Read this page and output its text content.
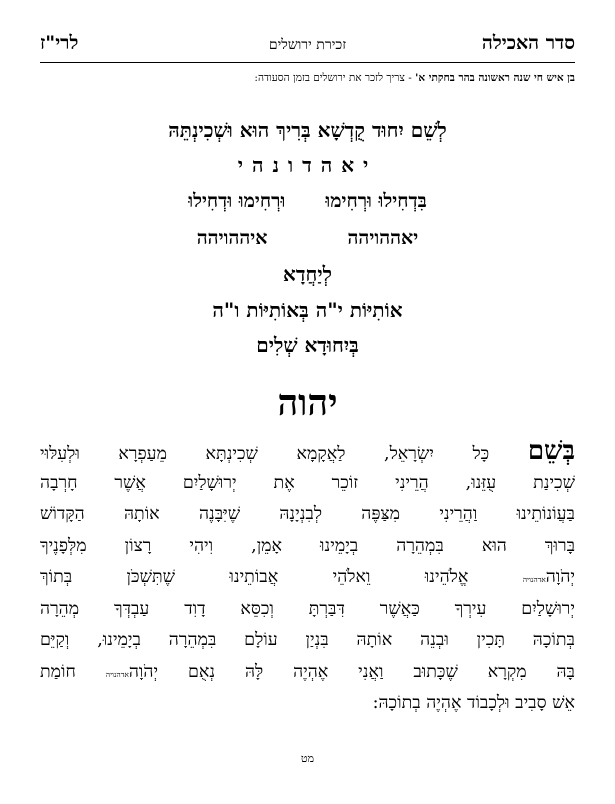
סדר האכילה
זכירת ירושלים
לרי"ז
בן איש חי שנה ראשונה בהר בחקתי א' - צריך לזכר את ירושלים בזמן הסעודה:
לְשֵׁם יִחוּד קֻדְשָׁא בְּרִיךְ הוּא וּשְׁכִינְתֵּהּ
יאהדונהי
בִּדְחִילוּ וּרְחִימוּוּרְחִימוּ וּדְחִילוּ
יאההויההאיההויהה
לְיַחֲדָא
אוֹתִיּוֹת י"ה בְּאוֹתִיּוֹת ו"ה
בְּיִחוּדָא שְׁלִים
יהוה
בְּשֵׁם כָּל יִשְׂרָאֵל, לַאֲקָמָא שְׁכִינְתָּא מֵעַפְרָא וּלְעִלּוּי
שְׁכִינַת עֻזֵּנוּ, הֲרֵינִי זוֹכֵר אֶת יְרוּשָׁלַיִם אֲשֶׁר חָרְבָה
בַּעֲוֹנוֹתֵינוּ וַהֲרֵינִי מִצַּפֶּה לְבִנְיָנָהּ שֶׁיִּבָּנֶה אוֹתָהּ הַקָּדוֹשׁ
בָּרוּךְ הוּא בִּמְהֵרָה בְיָמֵינוּ אָמֵן, וִיהִי רָצוֹן מִלְּפָנֶיךָ
יְהֹוָהאדהנויה אֱלֹהֵינוּ וֵאלֹהֵי אֲבוֹתֵינוּ שֶׁתִּשְׁכֹּן בְּתוֹךְ
יְרוּשָׁלַיִם עִירְךָ כַּאֲשֶׁר דִּבַּרְתָּ וְכִסֵּא דָוִד עַבְדְּךָ מְהֵרָה
בְּתוֹכָהּ תָּכִין וּבְנֵה אוֹתָהּ בִּנְיַן עוֹלָם בִּמְהֵרָה בְיָמֵינוּ, וְקַיֵּם
בָּהּ מִקְרָא שֶׁכָּתוּב וַאֲנִי אֶהְיֶה לָּהּ נְאֻם יְהֹוָהאדהנויה חוֹמַת
אֵשׁ סָבִיב וּלְכָבוֹד אֶהְיֶה בְתוֹכָהּ:
מט
